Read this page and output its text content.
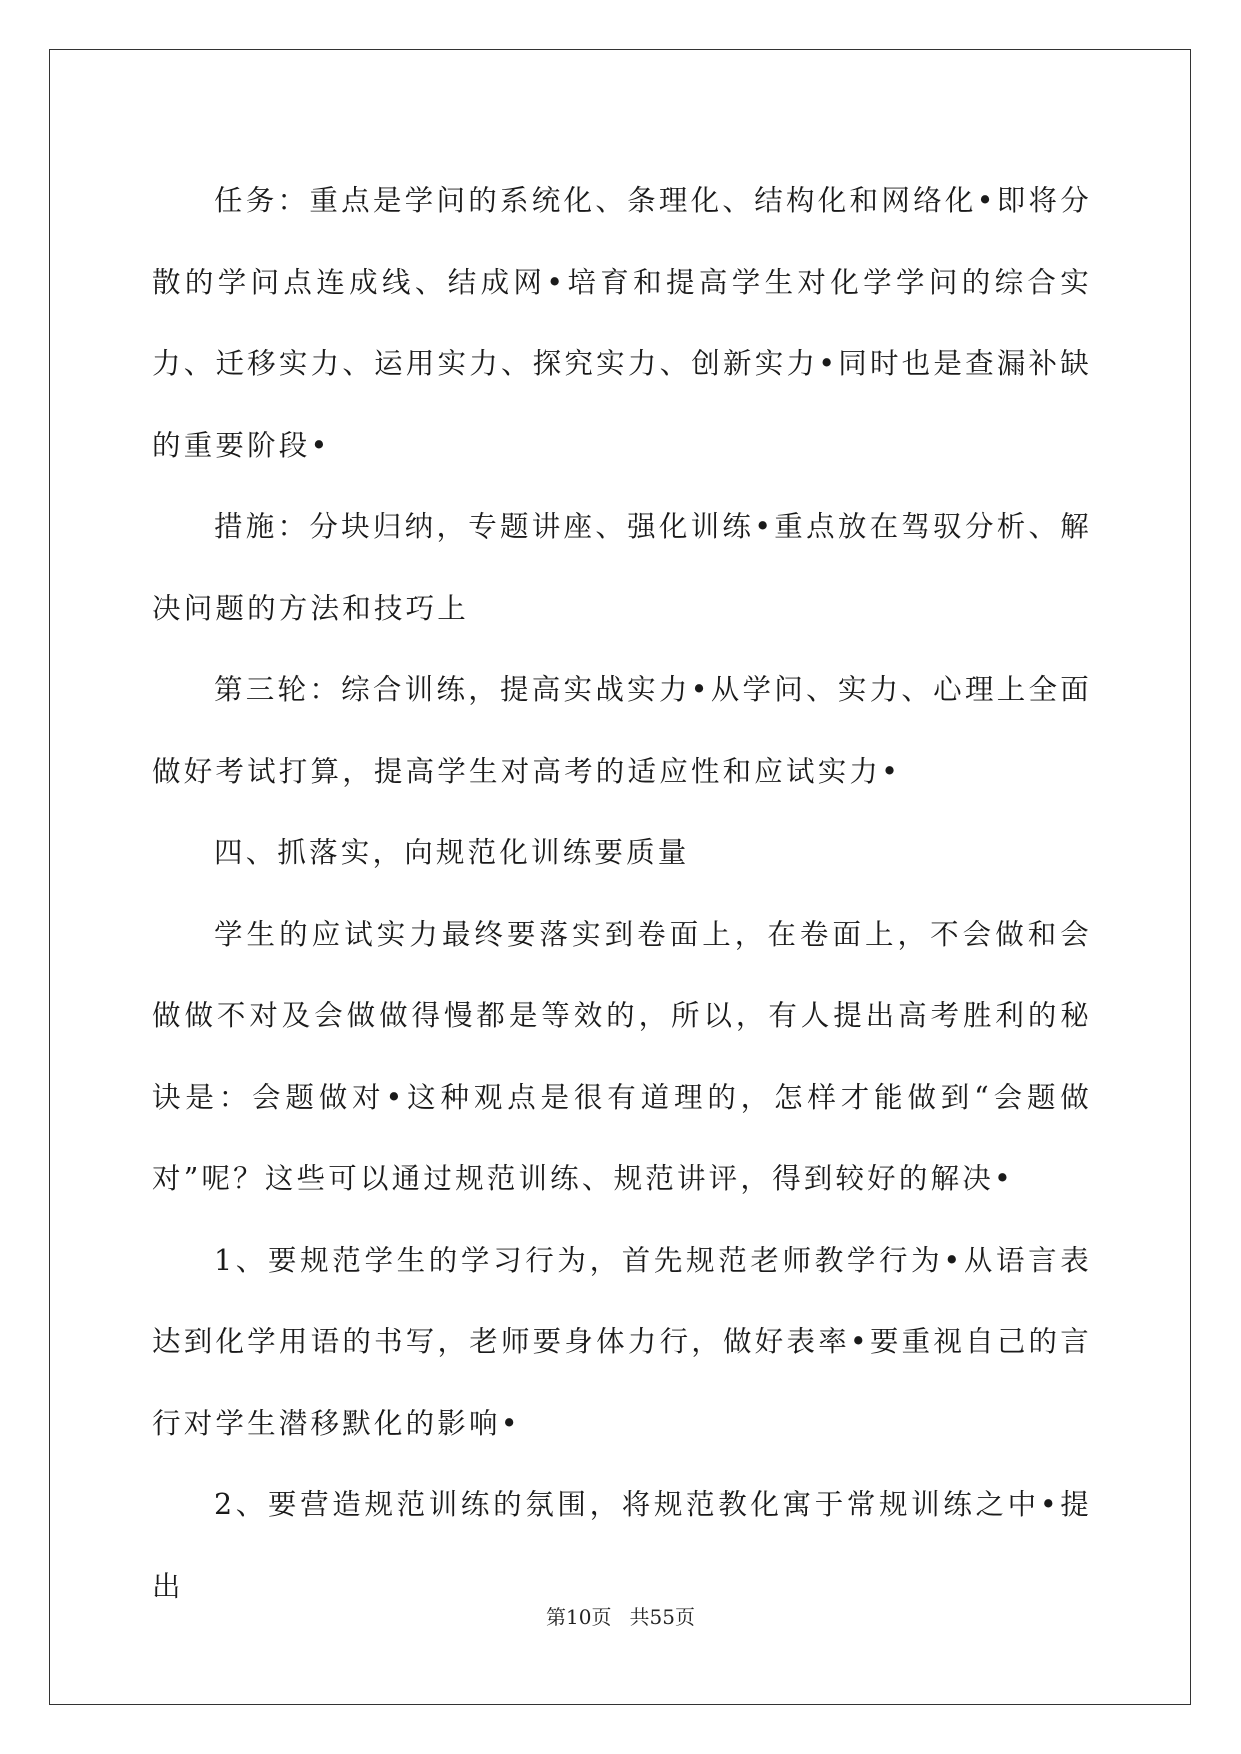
任务：重点是学问的系统化、条理化、结构化和网络化•即将分散的学问点连成线、结成网•培育和提高学生对化学学问的综合实力、迁移实力、运用实力、探究实力、创新实力•同时也是查漏补缺的重要阶段•

措施：分块归纳，专题讲座、强化训练•重点放在驾驭分析、解决问题的方法和技巧上

第三轮：综合训练，提高实战实力•从学问、实力、心理上全面做好考试打算，提高学生对高考的适应性和应试实力•

四、抓落实，向规范化训练要质量

学生的应试实力最终要落实到卷面上，在卷面上，不会做和会做做不对及会做做得慢都是等效的，所以，有人提出高考胜利的秘诀是：会题做对•这种观点是很有道理的，怎样才能做到“会题做对”呢？这些可以通过规范训练、规范讲评，得到较好的解决•

1、要规范学生的学习行为，首先规范老师教学行为•从语言表达到化学用语的书写，老师要身体力行，做好表率•要重视自己的言行对学生潜移默化的影响•

2、要营造规范训练的氛围，将规范教化寓于常规训练之中•提出

第10页 共55页
